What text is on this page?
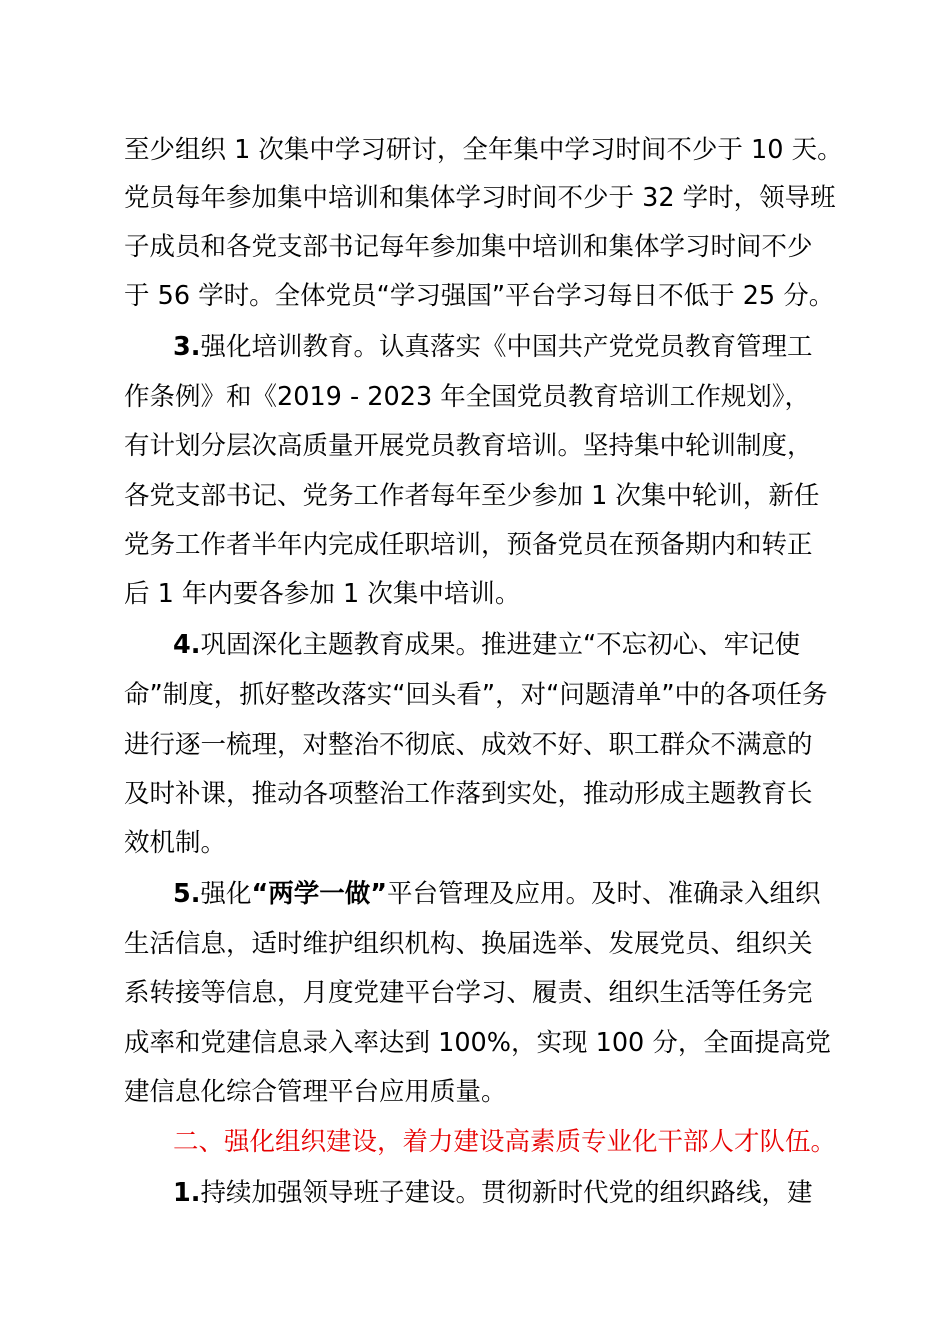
至少组织 1 次集中学习研讨，全年集中学习时间不少于 10 天。
党员每年参加集中培训和集体学习时间不少于 32 学时，领导班
子成员和各党支部书记每年参加集中培训和集体学习时间不少
于 56 学时。全体党员“学习强国”平台学习每日不低于 25 分。
3.强化培训教育。认真落实《中国共产党党员教育管理工
作条例》和《2019 - 2023 年全国党员教育培训工作规划》，
有计划分层次高质量开展党员教育培训。坚持集中轮训制度，
各党支部书记、党务工作者每年至少参加 1 次集中轮训，新任
党务工作者半年内完成任职培训，预备党员在预备期内和转正
后 1 年内要各参加 1 次集中培训。
4.巩固深化主题教育成果。推进建立“不忘初心、牢记使
命”制度，抓好整改落实“回头看”，对“问题清单”中的各项任务
进行逐一梳理，对整治不彻底、成效不好、职工群众不满意的
及时补课，推动各项整治工作落到实处，推动形成主题教育长
效机制。
5.强化“两学一做”平台管理及应用。及时、准确录入组织
生活信息，适时维护组织机构、换届选举、发展党员、组织关
系转接等信息，月度党建平台学习、履责、组织生活等任务完
成率和党建信息录入率达到 100%，实现 100 分，全面提高党
建信息化综合管理平台应用质量。
二、强化组织建设，着力建设高素质专业化干部人才队伍。
1.持续加强领导班子建设。贯彻新时代党的组织路线，建
